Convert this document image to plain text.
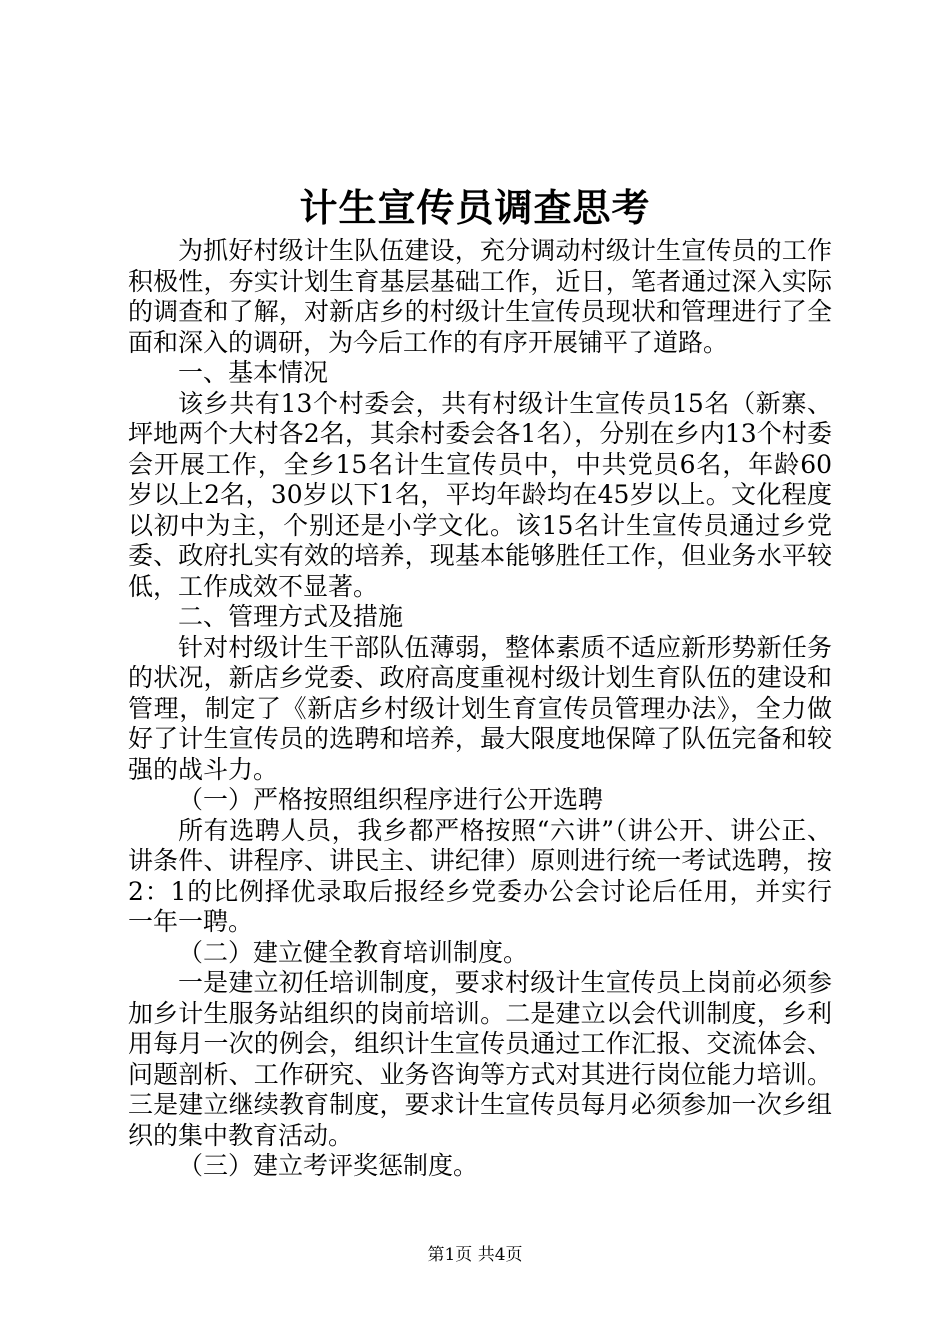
计生宣传员调查思考

为抓好村级计生队伍建设，充分调动村级计生宣传员的工作积极性，夯实计划生育基层基础工作，近日，笔者通过深入实际的调查和了解，对新店乡的村级计生宣传员现状和管理进行了全面和深入的调研，为今后工作的有序开展铺平了道路。

一、基本情况

该乡共有13个村委会，共有村级计生宣传员15名（新寨、坪地两个大村各2名，其余村委会各1名），分别在乡内13个村委会开展工作，全乡15名计生宣传员中，中共党员6名，年龄60岁以上2名，30岁以下1名，平均年龄均在45岁以上。文化程度以初中为主，个别还是小学文化。该15名计生宣传员通过乡党委、政府扎实有效的培养，现基本能够胜任工作，但业务水平较低，工作成效不显著。

二、管理方式及措施

针对村级计生干部队伍薄弱，整体素质不适应新形势新任务的状况，新店乡党委、政府高度重视村级计划生育队伍的建设和管理，制定了《新店乡村级计划生育宣传员管理办法》，全力做好了计生宣传员的选聘和培养，最大限度地保障了队伍完备和较强的战斗力。

（一）严格按照组织程序进行公开选聘

所有选聘人员，我乡都严格按照“六讲”（讲公开、讲公正、讲条件、讲程序、讲民主、讲纪律）原则进行统一考试选聘，按2：1的比例择优录取后报经乡党委办公会讨论后任用，并实行一年一聘。

（二）建立健全教育培训制度。

一是建立初任培训制度，要求村级计生宣传员上岗前必须参加乡计生服务站组织的岗前培训。二是建立以会代训制度，乡利用每月一次的例会，组织计生宣传员通过工作汇报、交流体会、问题剖析、工作研究、业务咨询等方式对其进行岗位能力培训。三是建立继续教育制度，要求计生宣传员每月必须参加一次乡组织的集中教育活动。

（三）建立考评奖惩制度。

第1页 共4页
